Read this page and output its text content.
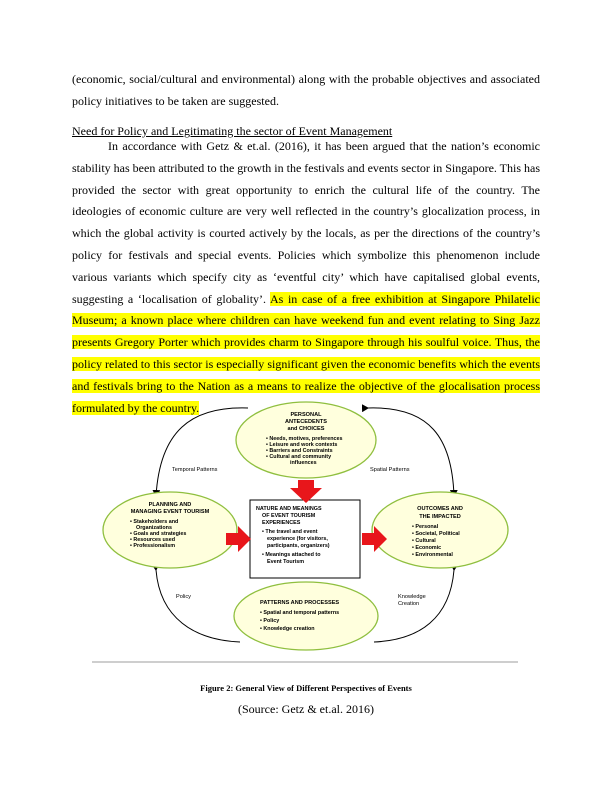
(economic, social/cultural and environmental) along with the probable objectives and associated policy initiatives to be taken are suggested.

Need for Policy and Legitimating the sector of Event Management

In accordance with Getz & et.al. (2016), it has been argued that the nation’s economic stability has been attributed to the growth in the festivals and events sector in Singapore. This has provided the sector with great opportunity to enrich the cultural life of the country. The ideologies of economic culture are very well reflected in the country’s glocalization process, in which the global activity is courted actively by the locals, as per the directions of the country’s policy for festivals and special events. Policies which symbolize this phenomenon include various variants which specify city as ‘eventful city’ which have capitalised global events, suggesting a ‘localisation of globality’. As in case of a free exhibition at Singapore Philatelic Museum; a known place where children can have weekend fun and event relating to Sing Jazz presents Gregory Porter which provides charm to Singapore through his soulful voice. Thus, the policy related to this sector is especially significant given the economic benefits which the events and festivals bring to the Nation as a means to realize the objective of the glocalisation process formulated by the country.

PERSONAL
ANTECEDENTS
and CHOICES
• Needs, motives, preferences
• Leisure and work contexts
• Barriers and Constraints
• Cultural and community
influences
PLANNING AND
MANAGING EVENT TOURISM
• Stakeholders and
Organizations
• Goals and strategies
• Resources used
• Professionalism
NATURE AND MEANINGS
OF EVENT TOURISM
EXPERIENCES
• The travel and event
experience (for visitors,
participants, organizers)
• Meanings attached to
Event Tourism
OUTCOMES AND
THE IMPACTED
• Personal
• Societal, Political
• Cultural
• Economic
• Environmental
PATTERNS AND PROCESSES
• Spatial and temporal patterns
• Policy
• Knowledge creation
Temporal Patterns	Spatial Patterns
Policy	Knowledge
Creation
Figure 2: General View of Different Perspectives of Events
(Source: Getz & et.al. 2016)
